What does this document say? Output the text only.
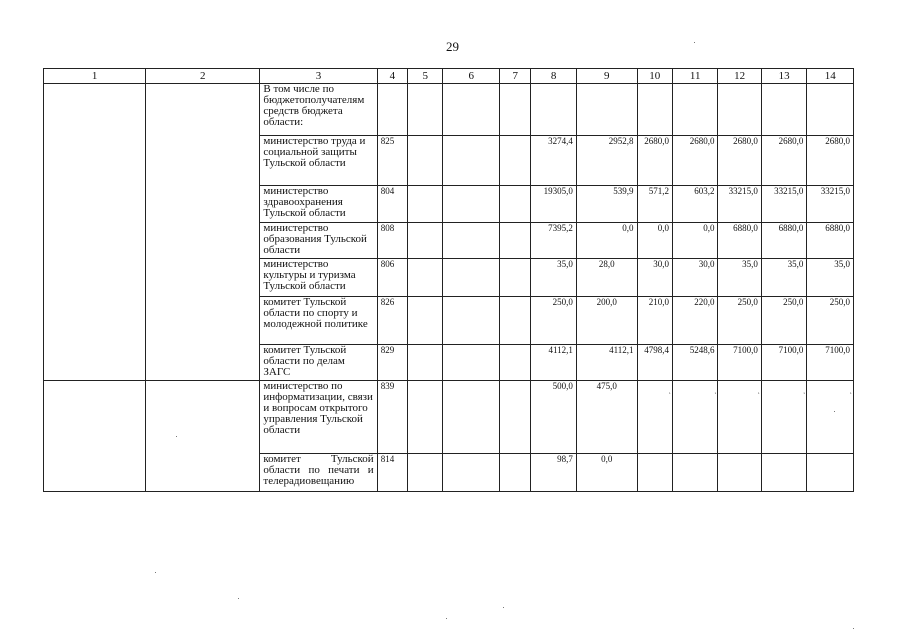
29
1	2	3	4	5	6	7	8	9	10	11	12	13	14
		В том числе по бюджетополучателям средств бюджета области:											
		министерство труда и социальной защиты Тульской области	825				3274,4	2952,8	2680,0	2680,0	2680,0	2680,0	2680,0
		министерство здравоохранения Тульской области	804				19305,0	539,9	571,2	603,2	33215,0	33215,0	33215,0
		министерство образования Тульской области	808				7395,2	0,0	0,0	0,0	6880,0	6880,0	6880,0
		министерство культуры и туризма Тульской области	806				35,0	28,0	30,0	30,0	35,0	35,0	35,0
		комитет Тульской области по спорту и молодежной политике	826				250,0	200,0	210,0	220,0	250,0	250,0	250,0
		комитет Тульской области по делам ЗАГС	829				4112,1	4112,1	4798,4	5248,6	7100,0	7100,0	7100,0
		министерство по информатизации, связи и вопросам открытого управления Тульской области	839				500,0	475,0	

		комитет Тульской области по печати и телерадиовещанию	814				98,7	0,0					
